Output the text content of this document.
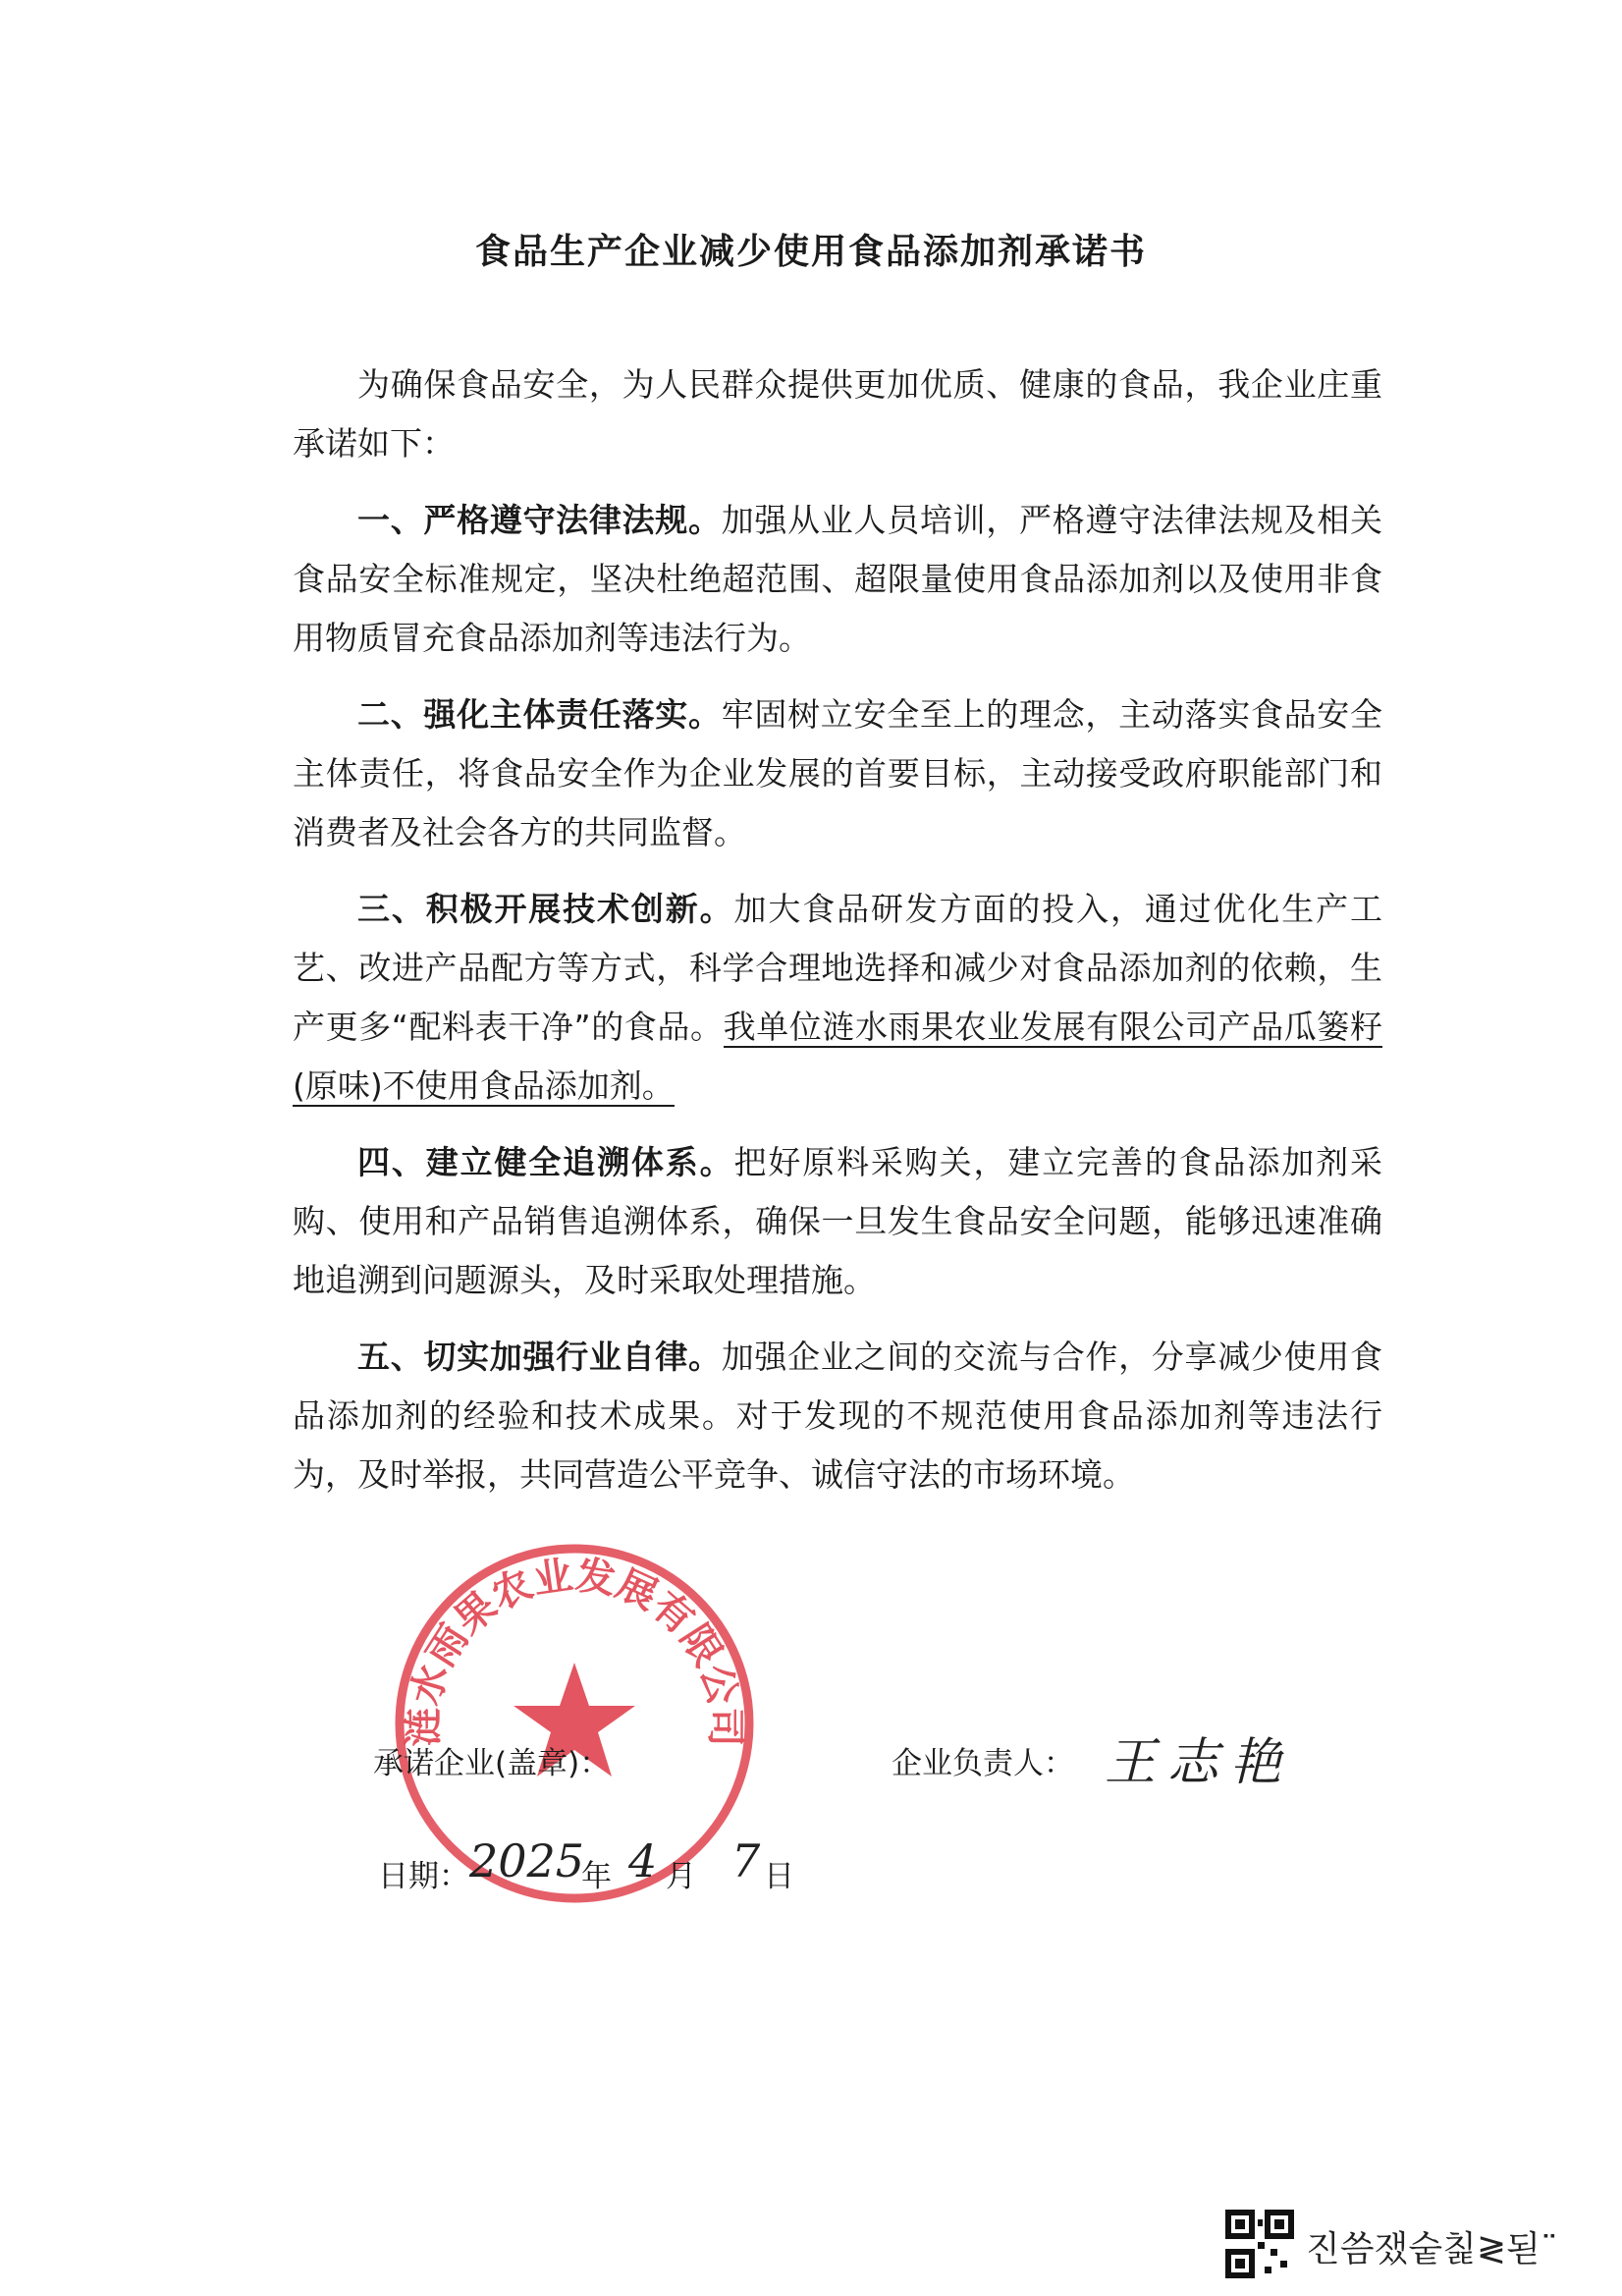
食品生产企业减少使用食品添加剂承诺书

为确保食品安全，为人民群众提供更加优质、健康的食品，我企业庄重承诺如下：

一、严格遵守法律法规。加强从业人员培训，严格遵守法律法规及相关食品安全标准规定，坚决杜绝超范围、超限量使用食品添加剂以及使用非食用物质冒充食品添加剂等违法行为。

二、强化主体责任落实。牢固树立安全至上的理念，主动落实食品安全主体责任，将食品安全作为企业发展的首要目标，主动接受政府职能部门和消费者及社会各方的共同监督。

三、积极开展技术创新。加大食品研发方面的投入，通过优化生产工艺、改进产品配方等方式，科学合理地选择和减少对食品添加剂的依赖，生产更多“配料表干净”的食品。我单位涟水雨果农业发展有限公司产品瓜篓籽(原味)不使用食品添加剂。

四、建立健全追溯体系。把好原料采购关，建立完善的食品添加剂采购、使用和产品销售追溯体系，确保一旦发生食品安全问题，能够迅速准确地追溯到问题源头，及时采取处理措施。

五、切实加强行业自律。加强企业之间的交流与合作，分享减少使用食品添加剂的经验和技术成果。对于发现的不规范使用食品添加剂等违法行为，及时举报，共同营造公平竞争、诚信守法的市场环境。

涟水雨果农业发展有限公司
承诺企业(盖章)：	企业负责人： 王志艳
日期： 2025
年 4 月 7 日
진씀쟀숱칥≷됟¨
